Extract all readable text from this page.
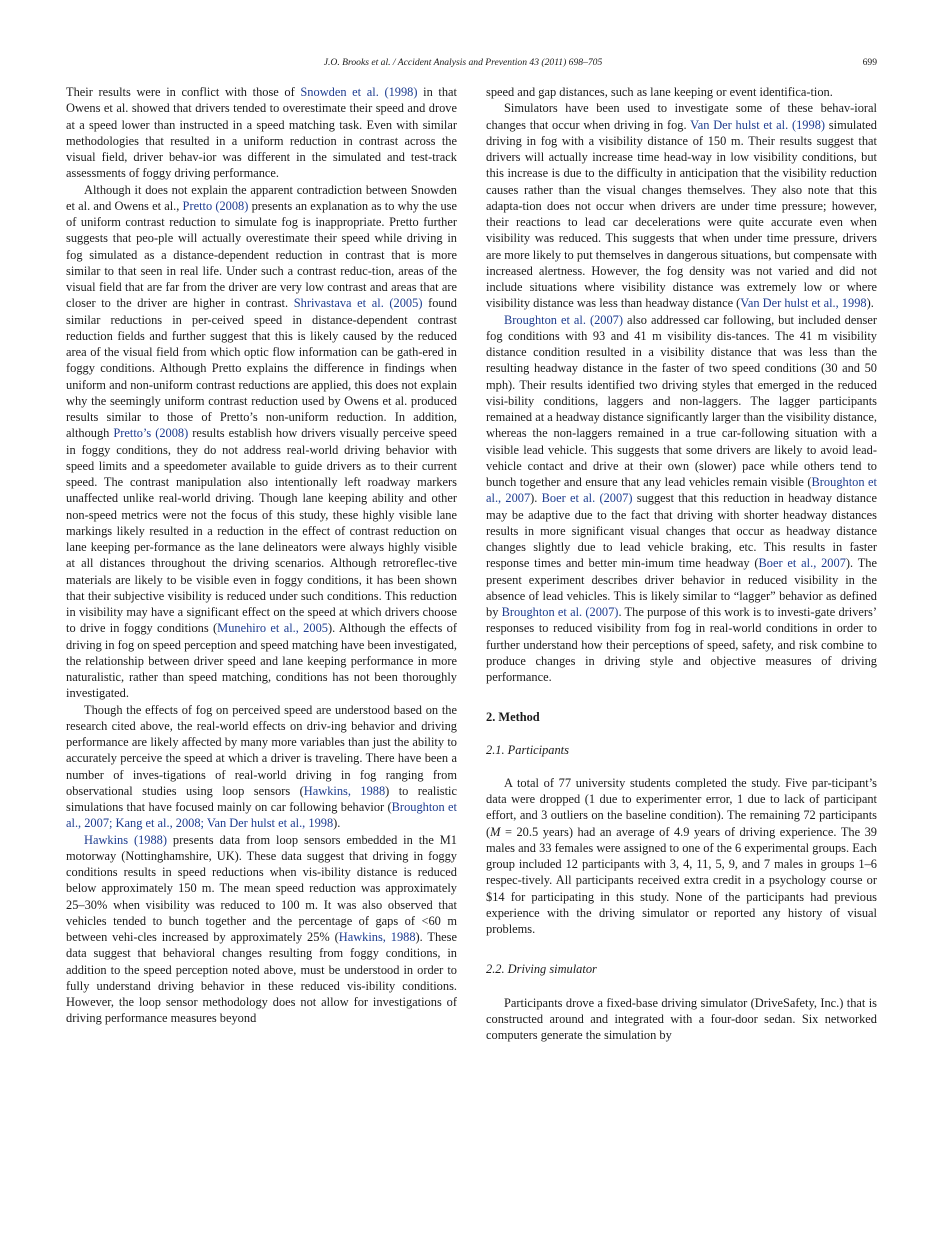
J.O. Brooks et al. / Accident Analysis and Prevention 43 (2011) 698–705	699

Their results were in conflict with those of Snowden et al. (1998) in that Owens et al. showed that drivers tended to overestimate their speed and drove at a speed lower than instructed in a speed matching task. Even with similar methodologies that resulted in a uniform reduction in contrast across the visual field, driver behav-ior was different in the simulated and test-track assessments of foggy driving performance.

Although it does not explain the apparent contradiction between Snowden et al. and Owens et al., Pretto (2008) presents an explanation as to why the use of uniform contrast reduction to simulate fog is inappropriate. Pretto further suggests that peo-ple will actually overestimate their speed while driving in fog simulated as a distance-dependent reduction in contrast that is more similar to that seen in real life. Under such a contrast reduc-tion, areas of the visual field that are far from the driver are very low contrast and areas that are closer to the driver are higher in contrast. Shrivastava et al. (2005) found similar reductions in per-ceived speed in distance-dependent contrast reduction fields and further suggest that this is likely caused by the reduced area of the visual field from which optic flow information can be gath-ered in foggy conditions. Although Pretto explains the difference in findings when uniform and non-uniform contrast reductions are applied, this does not explain why the seemingly uniform contrast reduction used by Owens et al. produced results similar to those of Pretto’s non-uniform reduction. In addition, although Pretto’s (2008) results establish how drivers visually perceive speed in foggy conditions, they do not address real-world driving behavior with speed limits and a speedometer available to guide drivers as to their current speed. The contrast manipulation also intentionally left roadway markers unaffected unlike real-world driving. Though lane keeping ability and other non-speed metrics were not the focus of this study, these highly visible lane markings likely resulted in a reduction in the effect of contrast reduction on lane keeping per-formance as the lane delineators were always highly visible at all distances throughout the driving scenarios. Although retroreflec-tive materials are likely to be visible even in foggy conditions, it has been shown that their subjective visibility is reduced under such conditions. This reduction in visibility may have a significant effect on the speed at which drivers choose to drive in foggy conditions (Munehiro et al., 2005). Although the effects of driving in fog on speed perception and speed matching have been investigated, the relationship between driver speed and lane keeping performance in more naturalistic, rather than speed matching, conditions has not been thoroughly investigated.

Though the effects of fog on perceived speed are understood based on the research cited above, the real-world effects on driv-ing behavior and driving performance are likely affected by many more variables than just the ability to accurately perceive the speed at which a driver is traveling. There have been a number of inves-tigations of real-world driving in fog ranging from observational studies using loop sensors (Hawkins, 1988) to realistic simulations that have focused mainly on car following behavior (Broughton et al., 2007; Kang et al., 2008; Van Der hulst et al., 1998).

Hawkins (1988) presents data from loop sensors embedded in the M1 motorway (Nottinghamshire, UK). These data suggest that driving in foggy conditions results in speed reductions when vis-ibility distance is reduced below approximately 150 m. The mean speed reduction was approximately 25–30% when visibility was reduced to 100 m. It was also observed that vehicles tended to bunch together and the percentage of gaps of <60 m between vehi-cles increased by approximately 25% (Hawkins, 1988). These data suggest that behavioral changes resulting from foggy conditions, in addition to the speed perception noted above, must be understood in order to fully understand driving behavior in these reduced vis-ibility conditions. However, the loop sensor methodology does not allow for investigations of driving performance measures beyond

speed and gap distances, such as lane keeping or event identifica-tion.

Simulators have been used to investigate some of these behav-ioral changes that occur when driving in fog. Van Der hulst et al. (1998) simulated driving in fog with a visibility distance of 150 m. Their results suggest that drivers will actually increase time head-way in low visibility conditions, but this increase is due to the difficulty in anticipation that the visibility reduction causes rather than the visual changes themselves. They also note that this adapta-tion does not occur when drivers are under time pressure; however, their reactions to lead car decelerations were quite accurate even when visibility was reduced. This suggests that when under time pressure, drivers are more likely to put themselves in dangerous situations, but compensate with increased alertness. However, the fog density was not varied and did not include situations where visibility distance was extremely low or where visibility distance was less than headway distance (Van Der hulst et al., 1998).

Broughton et al. (2007) also addressed car following, but included denser fog conditions with 93 and 41 m visibility dis-tances. The 41 m visibility distance condition resulted in a visibility distance that was less than the resulting headway distance in the faster of two speed conditions (30 and 50 mph). Their results identified two driving styles that emerged in the reduced visi-bility conditions, laggers and non-laggers. The lagger participants remained at a headway distance significantly larger than the visibility distance, whereas the non-laggers remained in a true car-following situation with a visible lead vehicle. This suggests that some drivers are likely to avoid lead-vehicle contact and drive at their own (slower) pace while others tend to bunch together and ensure that any lead vehicles remain visible (Broughton et al., 2007). Boer et al. (2007) suggest that this reduction in headway distance may be adaptive due to the fact that driving with shorter headway distances results in more significant visual changes that occur as headway distance changes slightly due to lead vehicle braking, etc. This results in faster response times and better min-imum time headway (Boer et al., 2007). The present experiment describes driver behavior in reduced visibility in the absence of lead vehicles. This is likely similar to “lagger” behavior as defined by Broughton et al. (2007). The purpose of this work is to investi-gate drivers’ responses to reduced visibility from fog in real-world conditions in order to further understand how their perceptions of speed, safety, and risk combine to produce changes in driving style and objective measures of driving performance.

2. Method
2.1. Participants

A total of 77 university students completed the study. Five par-ticipant’s data were dropped (1 due to experimenter error, 1 due to lack of participant effort, and 3 outliers on the baseline condition). The remaining 72 participants (M = 20.5 years) had an average of 4.9 years of driving experience. The 39 males and 33 females were assigned to one of the 6 experimental groups. Each group included 12 participants with 3, 4, 11, 5, 9, and 7 males in groups 1–6 respec-tively. All participants received extra credit in a psychology course or $14 for participating in this study. None of the participants had previous experience with the driving simulator or reported any history of visual problems.

2.2. Driving simulator

Participants drove a fixed-base driving simulator (DriveSafety, Inc.) that is constructed around and integrated with a four-door sedan. Six networked computers generate the simulation by
